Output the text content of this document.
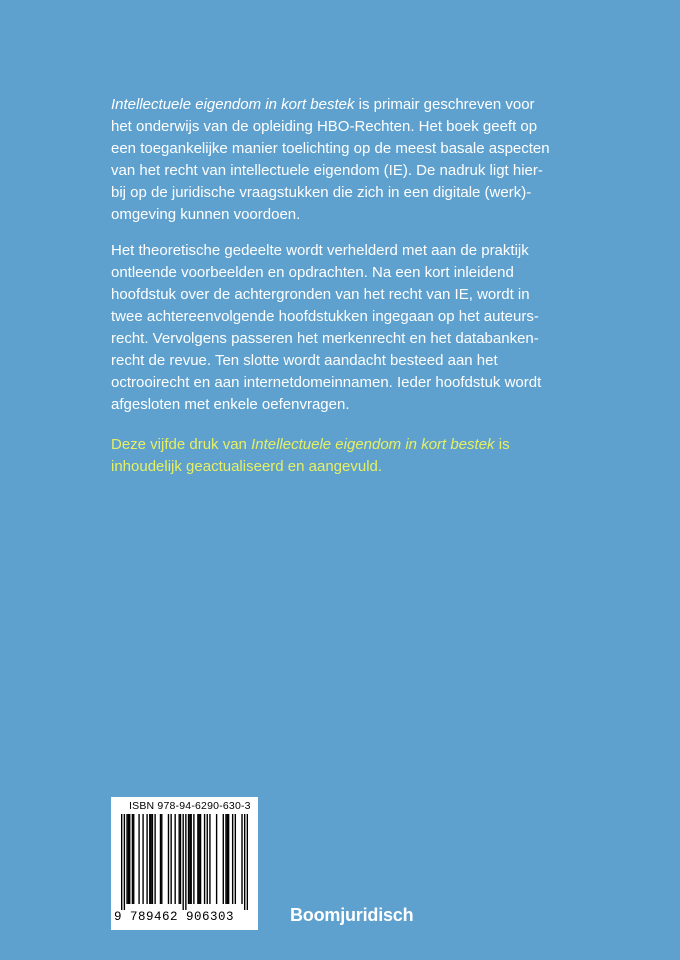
Intellectuele eigendom in kort bestek is primair geschreven voor
het onderwijs van de opleiding HBO-Rechten. Het boek geeft op
een toegankelijke manier toelichting op de meest basale aspecten
van het recht van intellectuele eigendom (IE). De nadruk ligt hier-
bij op de juridische vraagstukken die zich in een digitale (werk)-
omgeving kunnen voordoen.
Het theoretische gedeelte wordt verhelderd met aan de praktijk
ontleende voorbeelden en opdrachten. Na een kort inleidend
hoofdstuk over de achtergronden van het recht van IE, wordt in
twee achtereenvolgende hoofdstukken ingegaan op het auteurs-
recht. Vervolgens passeren het merkenrecht en het databanken-
recht de revue. Ten slotte wordt aandacht besteed aan het
octrooirecht en aan internetdomeinnamen. Ieder hoofdstuk wordt
afgesloten met enkele oefenvragen.
Deze vijfde druk van Intellectuele eigendom in kort bestek is
inhoudelijk geactualiseerd en aangevuld.
ISBN 978-94-6290-630-3
9 789462 906303	Boomjuridisch
